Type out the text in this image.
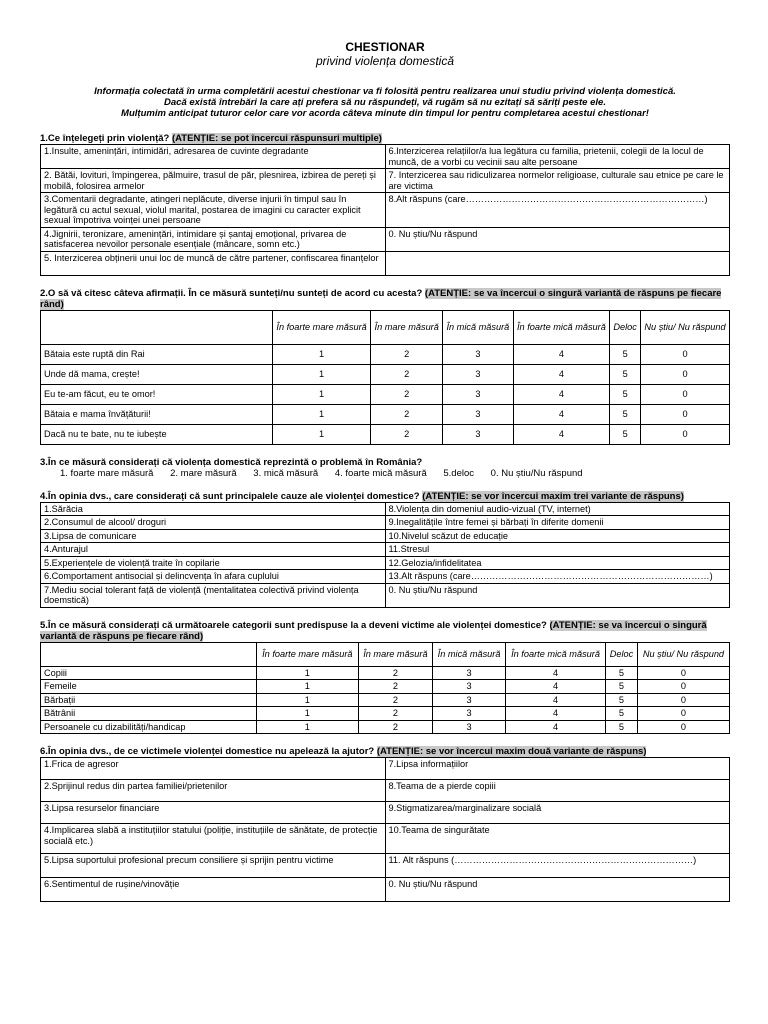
CHESTIONAR

privind violența domestică

Informația colectată în urma completării acestui chestionar va fi folosită pentru realizarea unui studiu privind violența domestică.
Dacă există întrebări la care ați prefera să nu răspundeți, vă rugăm să nu ezitați să săriți peste ele.
Mulțumim anticipat tuturor celor care vor acorda câteva minute din timpul lor pentru completarea acestui chestionar!

1.Ce înțelegeți prin violență? (ATENȚIE: se pot încercui răspunsuri multiple)

1.Insulte, amenințări, intimidări, adresarea de cuvinte degradante	6.Interzicerea relațiilor/a lua legătura cu familia, prietenii, colegii de la locul de muncă, de a vorbi cu vecinii sau alte persoane
2. Bătăi, lovituri, împingerea, pălmuire, trasul de păr, plesnirea, izbirea de pereți și mobilă, folosirea armelor	7. Interzicerea sau ridiculizarea normelor religioase, culturale sau etnice pe care le are victima
3.Comentarii degradante, atingeri neplăcute, diverse injurii în timpul sau în legătură cu actul sexual, violul marital, postarea de imagini cu caracter explicit sexual împotriva voinței unei persoane	8.Alt răspuns (care……………………………………………………………………)
4.Jignirii, teronizare, amenințări, intimidare și șantaj emoțional, privarea de satisfacerea nevoilor personale esențiale (mâncare, somn etc.)	0. Nu știu/Nu răspund
5. Interzicerea obținerii unui loc de muncă de către partener, confiscarea finanțelor	

2.O să vă citesc câteva afirmații. În ce măsură sunteți/nu sunteți de acord cu acesta? (ATENȚIE: se va încercui o singură variantă de răspuns pe fiecare rând)

	În foarte mare măsură	În mare măsură	În mică măsură	În foarte mică măsură	Deloc	Nu știu/ Nu răspund
Bătaia este ruptă din Rai	1	2	3	4	5	0
Unde dă mama, crește!	1	2	3	4	5	0
Eu te-am făcut, eu te omor!	1	2	3	4	5	0
Bătaia e mama învățăturii!	1	2	3	4	5	0
Dacă nu te bate, nu te iubește	1	2	3	4	5	0

3.În ce măsură considerați că violența domestică reprezintă o problemă în România?

1. foarte mare măsură 2. mare măsură 3. mică măsură 4. foarte mică măsură 5.deloc 0. Nu știu/Nu răspund

4.În opinia dvs., care considerați că sunt principalele cauze ale violenței domestice? (ATENȚIE: se vor încercui maxim trei variante de răspuns)

1.Sărăcia	8.Violența din domeniul audio-vizual (TV, internet)
2.Consumul de alcool/ droguri	9.Inegalitățile între femei și bărbați în diferite domenii
3.Lipsa de comunicare	10.Nivelul scăzut de educație
4.Anturajul	11.Stresul
5.Experiențele de violență traite în copilarie	12.Gelozia/infidelitatea
6.Comportament antisocial și delincvența în afara cuplului	13.Alt răspuns (care……………………………………………………………………)
7.Mediu social tolerant față de violență (mentalitatea colectivă privind violența doemstică)	0. Nu știu/Nu răspund

5.În ce măsură considerați că următoarele categorii sunt predispuse la a deveni victime ale violenței domestice? (ATENȚIE: se va încercui o singură variantă de răspuns pe fiecare rând)

	În foarte mare măsură	În mare măsură	În mică măsură	În foarte mică măsură	Deloc	Nu știu/ Nu răspund
Copiii	1	2	3	4	5	0
Femeile	1	2	3	4	5	0
Bărbații	1	2	3	4	5	0
Bătrânii	1	2	3	4	5	0
Persoanele cu dizabilități/handicap	1	2	3	4	5	0

6.În opinia dvs., de ce victimele violenței domestice nu apelează la ajutor? (ATENȚIE: se vor încercui maxim două variante de răspuns)

1.Frica de agresor	7.Lipsa informațiilor
2.Sprijinul redus din partea familiei/prietenilor	8.Teama de a pierde copiii
3.Lipsa resurselor financiare	9.Stigmatizarea/marginalizare socială
4.Implicarea slabă a instituțiilor statului (poliție, instituțiile de sănătate, de protecție socială etc.)	10.Teama de singurătate
5.Lipsa suportului profesional precum consiliere și sprijin pentru victime	11. Alt răspuns (……………………………………………………………………)
6.Sentimentul de rușine/vinovăție	0. Nu știu/Nu răspund
